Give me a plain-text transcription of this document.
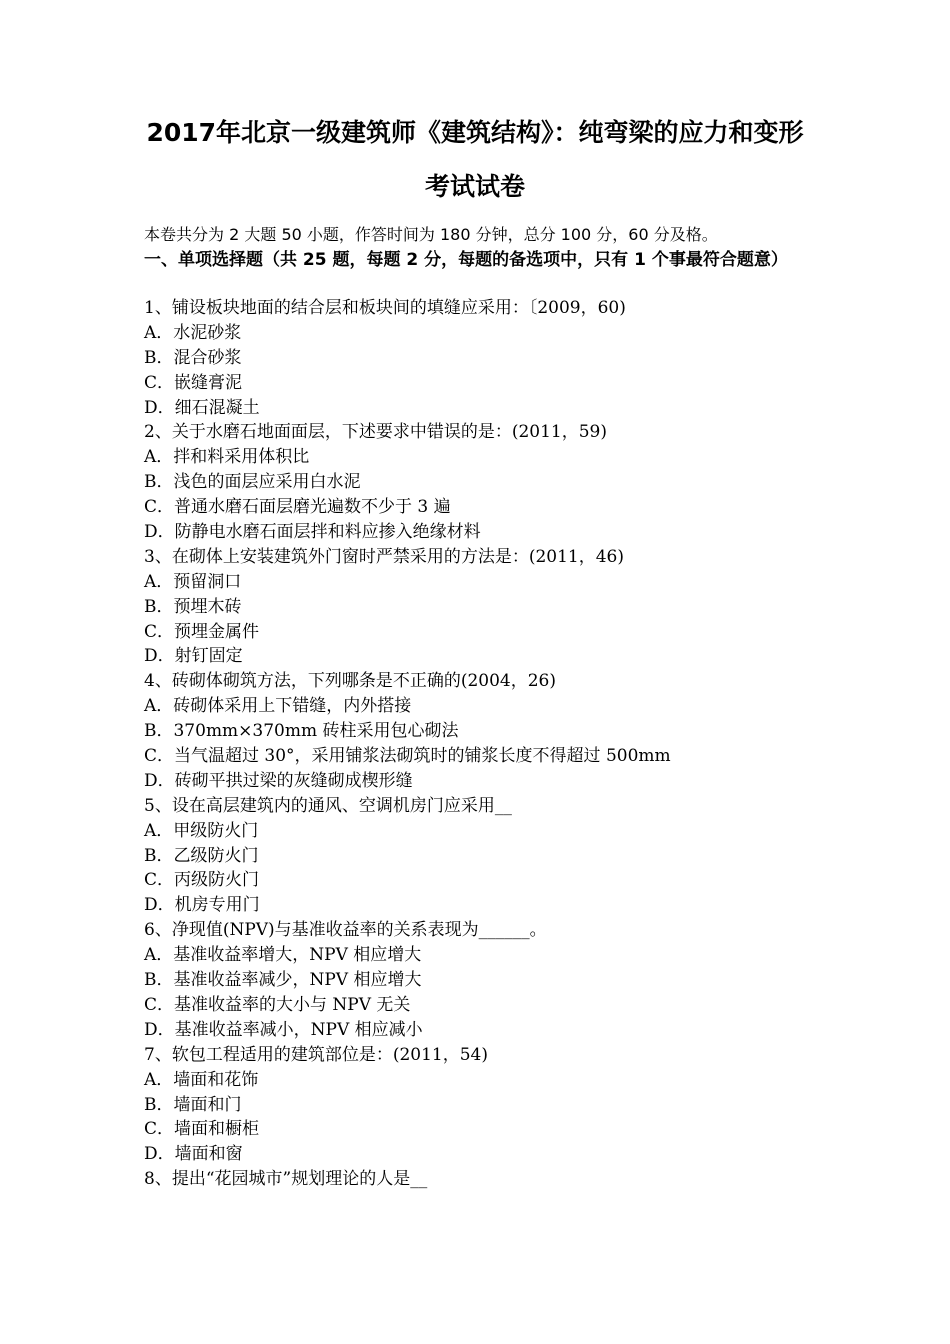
2017年北京一级建筑师《建筑结构》：纯弯梁的应力和变形
考试试卷
本卷共分为 2 大题 50 小题，作答时间为 180 分钟，总分 100 分，60 分及格。
一、单项选择题（共 25 题，每题 2 分，每题的备选项中，只有 1 个事最符合题意）
1、铺设板块地面的结合层和板块间的填缝应采用：〔2009，60)
A．水泥砂浆
B．混合砂浆
C．嵌缝膏泥
D．细石混凝土
2、关于水磨石地面面层，下述要求中错误的是：(2011，59)
A．拌和料采用体积比
B．浅色的面层应采用白水泥
C．普通水磨石面层磨光遍数不少于 3 遍
D．防静电水磨石面层拌和料应掺入绝缘材料
3、在砌体上安装建筑外门窗时严禁采用的方法是：(2011，46)
A．预留洞口
B．预埋木砖
C．预埋金属件
D．射钉固定
4、砖砌体砌筑方法，下列哪条是不正确的(2004，26)
A．砖砌体采用上下错缝，内外搭接
B．370mm×370mm 砖柱采用包心砌法
C．当气温超过 30°，采用铺浆法砌筑时的铺浆长度不得超过 500mm
D．砖砌平拱过梁的灰缝砌成楔形缝
5、设在高层建筑内的通风、空调机房门应采用__
A．甲级防火门
B．乙级防火门
C．丙级防火门
D．机房专用门
6、净现值(NPV)与基准收益率的关系表现为______。
A．基准收益率增大，NPV 相应增大
B．基准收益率减少，NPV 相应增大
C．基准收益率的大小与 NPV 无关
D．基准收益率减小，NPV 相应减小
7、软包工程适用的建筑部位是：(2011，54)
A．墙面和花饰
B．墙面和门
C．墙面和橱柜
D．墙面和窗
8、提出“花园城市”规划理论的人是__
